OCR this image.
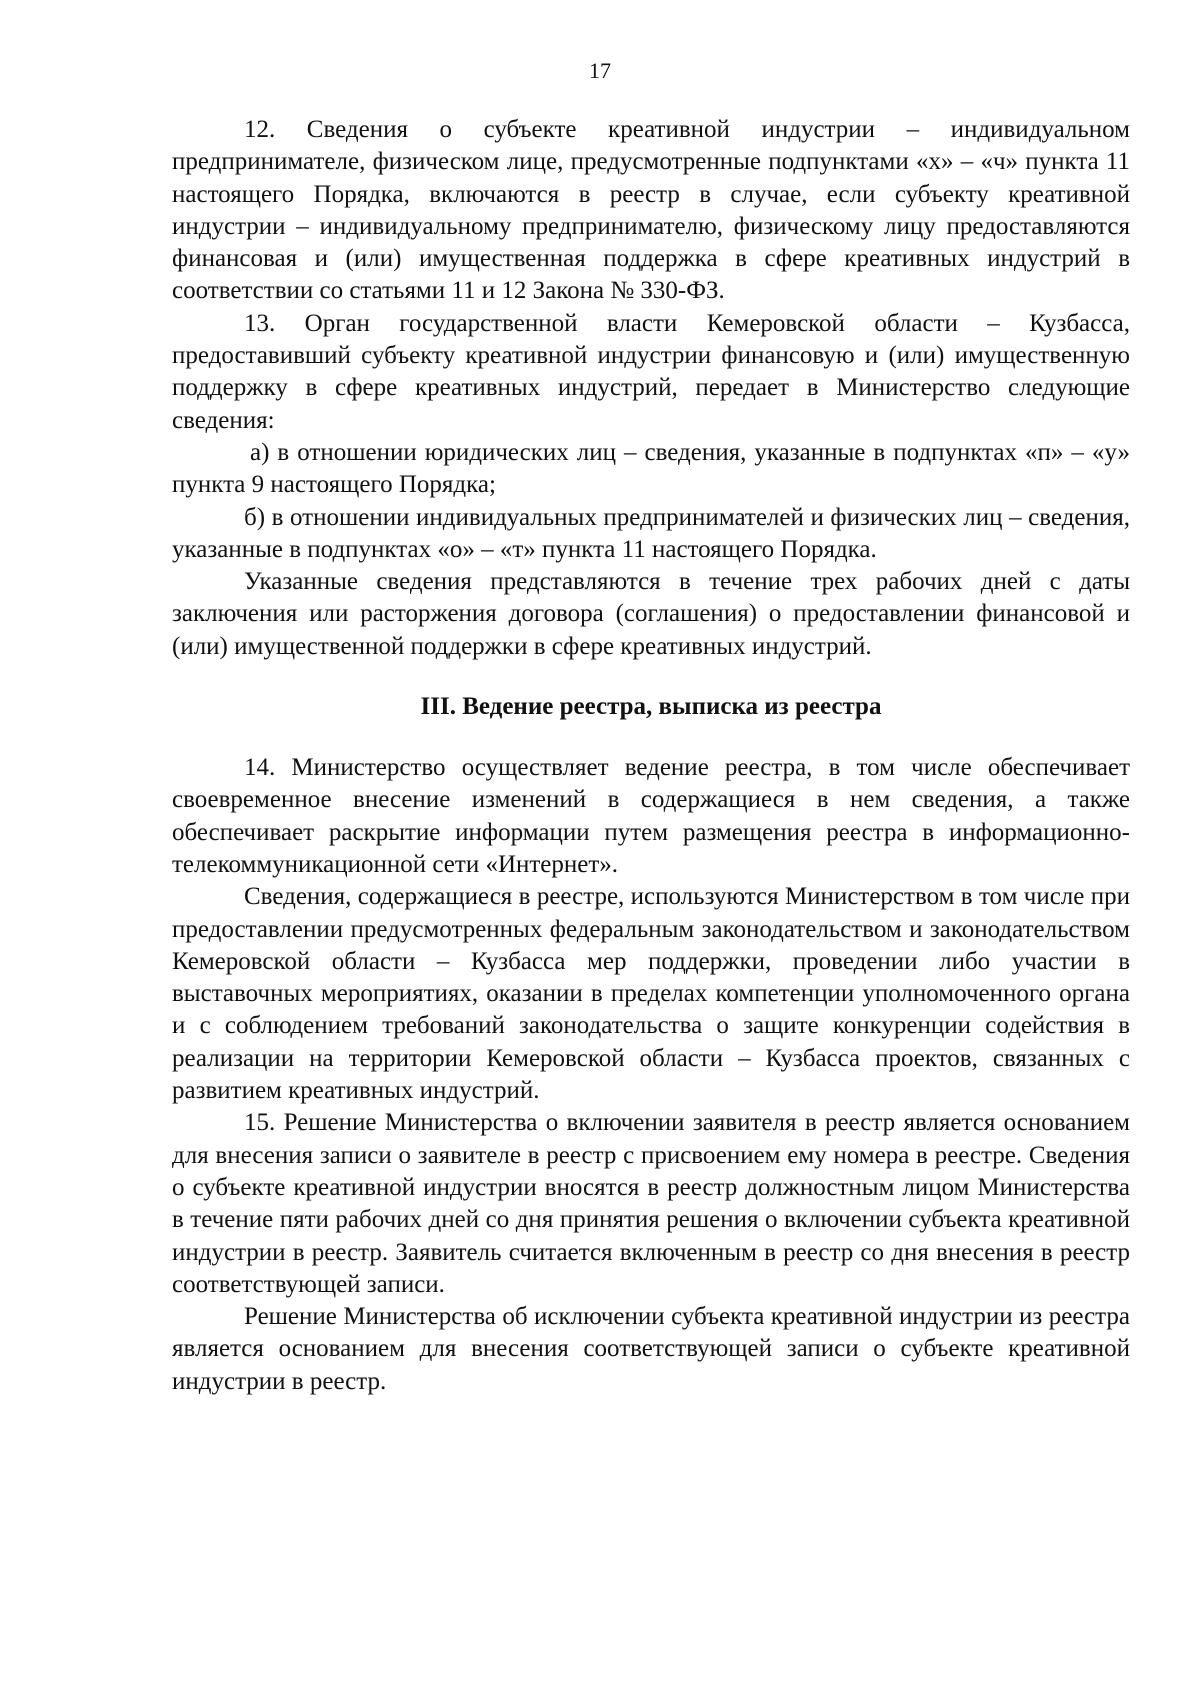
17

12. Сведения о субъекте креативной индустрии – индивидуальном предпринимателе, физическом лице, предусмотренные подпунктами «х» – «ч» пункта 11 настоящего Порядка, включаются в реестр в случае, если субъекту креативной индустрии – индивидуальному предпринимателю, физическому лицу предоставляются финансовая и (или) имущественная поддержка в сфере креативных индустрий в соответствии со статьями 11 и 12 Закона № 330-ФЗ.

13. Орган государственной власти Кемеровской области – Кузбасса, предоставивший субъекту креативной индустрии финансовую и (или) имущественную поддержку в сфере креативных индустрий, передает в Министерство следующие сведения:

а) в отношении юридических лиц – сведения, указанные в подпунктах «п» – «у» пункта 9 настоящего Порядка;

б) в отношении индивидуальных предпринимателей и физических лиц – сведения, указанные в подпунктах «о» – «т» пункта 11 настоящего Порядка.

Указанные сведения представляются в течение трех рабочих дней с даты заключения или расторжения договора (соглашения) о предоставлении финансовой и (или) имущественной поддержки в сфере креативных индустрий.

III. Ведение реестра, выписка из реестра

14. Министерство осуществляет ведение реестра, в том числе обеспечивает своевременное внесение изменений в содержащиеся в нем сведения, а также обеспечивает раскрытие информации путем размещения реестра в информационно-телекоммуникационной сети «Интернет».

Сведения, содержащиеся в реестре, используются Министерством в том числе при предоставлении предусмотренных федеральным законодательством и законодательством Кемеровской области – Кузбасса мер поддержки, проведении либо участии в выставочных мероприятиях, оказании в пределах компетенции уполномоченного органа и с соблюдением требований законодательства о защите конкуренции содействия в реализации на территории Кемеровской области – Кузбасса проектов, связанных с развитием креативных индустрий.

15. Решение Министерства о включении заявителя в реестр является основанием для внесения записи о заявителе в реестр с присвоением ему номера в реестре. Сведения о субъекте креативной индустрии вносятся в реестр должностным лицом Министерства в течение пяти рабочих дней со дня принятия решения о включении субъекта креативной индустрии в реестр. Заявитель считается включенным в реестр со дня внесения в реестр соответствующей записи.

Решение Министерства об исключении субъекта креативной индустрии из реестра является основанием для внесения соответствующей записи о субъекте креативной индустрии в реестр.
